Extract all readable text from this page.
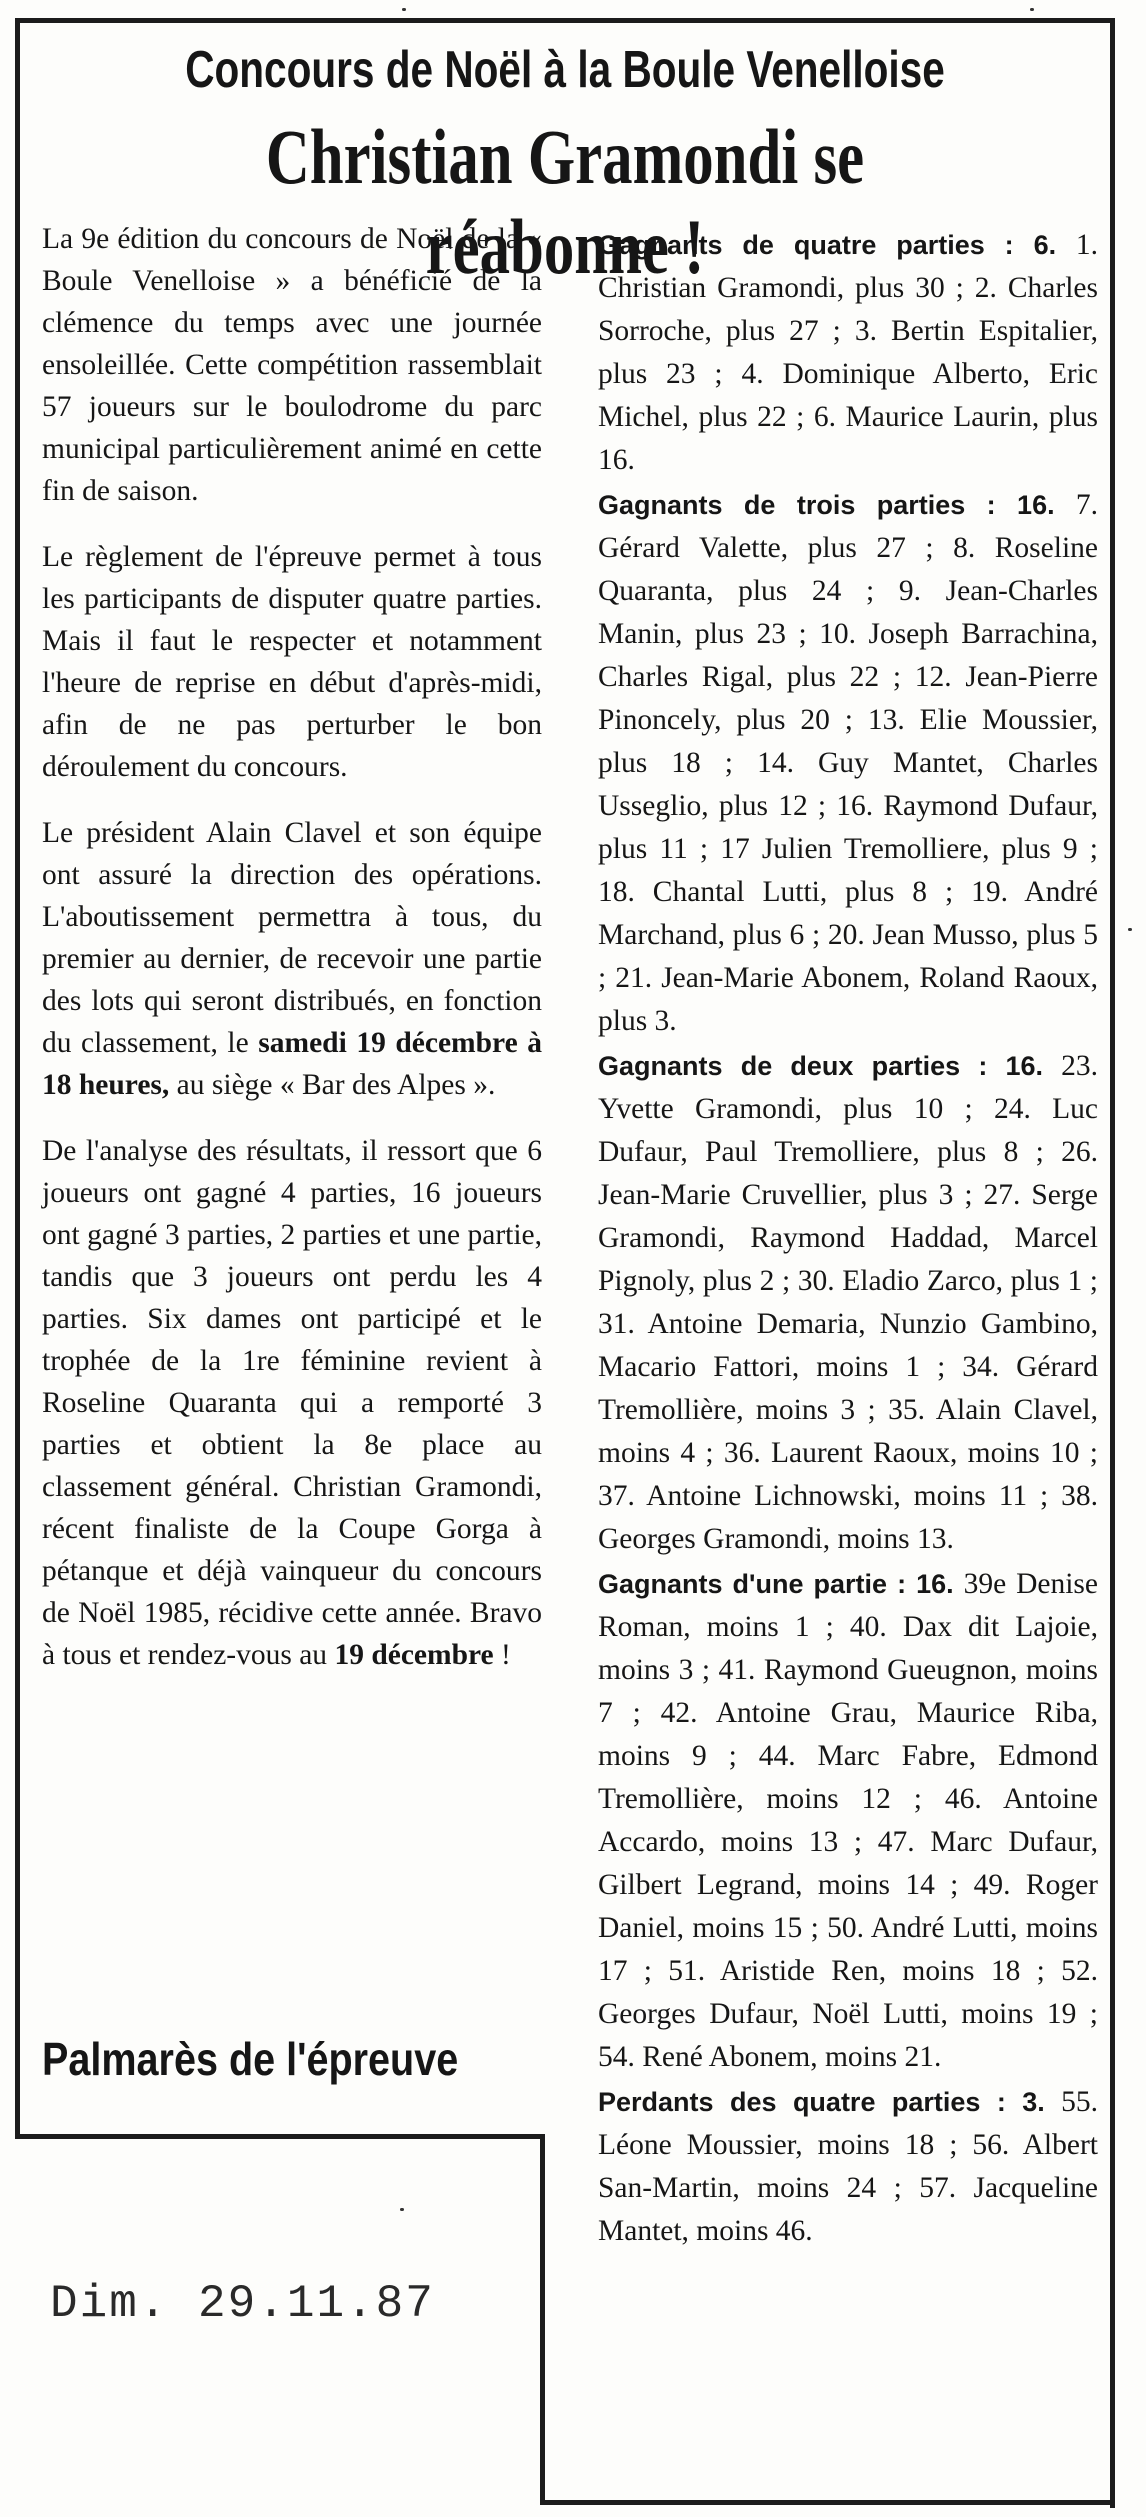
Concours de Noël à la Boule Venelloise
Christian Gramondi se réabonne !

La 9e édition du concours de Noël de la « Boule Venelloise » a bénéficié de la clémence du temps avec une journée ensoleillée. Cette compétition rassemblait 57 joueurs sur le boulodrome du parc municipal particulièrement animé en cette fin de saison.

Le règlement de l'épreuve permet à tous les participants de disputer quatre parties. Mais il faut le respecter et notamment l'heure de reprise en début d'après-midi, afin de ne pas perturber le bon déroulement du concours.

Le président Alain Clavel et son équipe ont assuré la direction des opérations. L'aboutissement permettra à tous, du premier au dernier, de recevoir une partie des lots qui seront distribués, en fonction du classement, le samedi 19 décembre à 18 heures, au siège « Bar des Alpes ».

De l'analyse des résultats, il ressort que 6 joueurs ont gagné 4 parties, 16 joueurs ont gagné 3 parties, 2 parties et une partie, tandis que 3 joueurs ont perdu les 4 parties. Six dames ont participé et le trophée de la 1re féminine revient à Roseline Quaranta qui a remporté 3 parties et obtient la 8e place au classement général. Christian Gramondi, récent finaliste de la Coupe Gorga à pétanque et déjà vainqueur du concours de Noël 1985, récidive cette année. Bravo à tous et rendez-vous au 19 décembre !

Palmarès de l'épreuve

Gagnants de quatre parties : 6. 1. Christian Gramondi, plus 30 ; 2. Charles Sorroche, plus 27 ; 3. Bertin Espitalier, plus 23 ; 4. Dominique Alberto, Eric Michel, plus 22 ; 6. Maurice Laurin, plus 16.

Gagnants de trois parties : 16. 7. Gérard Valette, plus 27 ; 8. Roseline Quaranta, plus 24 ; 9. Jean-Charles Manin, plus 23 ; 10. Joseph Barrachina, Charles Rigal, plus 22 ; 12. Jean-Pierre Pinoncely, plus 20 ; 13. Elie Moussier, plus 18 ; 14. Guy Mantet, Charles Usseglio, plus 12 ; 16. Raymond Dufaur, plus 11 ; 17 Julien Tremolliere, plus 9 ; 18. Chantal Lutti, plus 8 ; 19. André Marchand, plus 6 ; 20. Jean Musso, plus 5 ; 21. Jean-Marie Abonem, Roland Raoux, plus 3.

Gagnants de deux parties : 16. 23. Yvette Gramondi, plus 10 ; 24. Luc Dufaur, Paul Tremolliere, plus 8 ; 26. Jean-Marie Cruvellier, plus 3 ; 27. Serge Gramondi, Raymond Haddad, Marcel Pignoly, plus 2 ; 30. Eladio Zarco, plus 1 ; 31. Antoine Demaria, Nunzio Gambino, Macario Fattori, moins 1 ; 34. Gérard Tremollière, moins 3 ; 35. Alain Clavel, moins 4 ; 36. Laurent Raoux, moins 10 ; 37. Antoine Lichnowski, moins 11 ; 38. Georges Gramondi, moins 13.

Gagnants d'une partie : 16. 39e Denise Roman, moins 1 ; 40. Dax dit Lajoie, moins 3 ; 41. Raymond Gueugnon, moins 7 ; 42. Antoine Grau, Maurice Riba, moins 9 ; 44. Marc Fabre, Edmond Tremollière, moins 12 ; 46. Antoine Accardo, moins 13 ; 47. Marc Dufaur, Gilbert Legrand, moins 14 ; 49. Roger Daniel, moins 15 ; 50. André Lutti, moins 17 ; 51. Aristide Ren, moins 18 ; 52. Georges Dufaur, Noël Lutti, moins 19 ; 54. René Abonem, moins 21.

Perdants des quatre parties : 3. 55. Léone Moussier, moins 18 ; 56. Albert San-Martin, moins 24 ; 57. Jacqueline Mantet, moins 46.

Dim. 29.11.87
